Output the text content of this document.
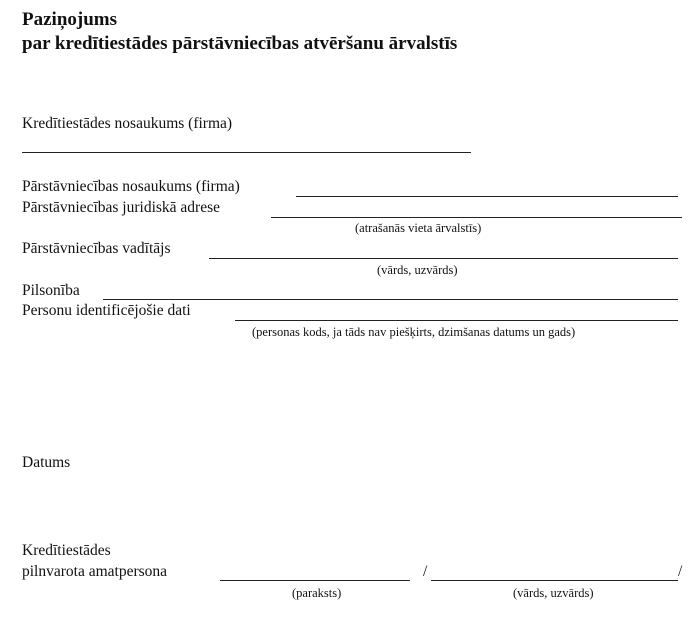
Paziņojums
par kredītiestādes pārstāvniecības atvēršanu ārvalstīs
Kredītiestādes nosaukums (firma)
Pārstāvniecības nosaukums (firma)
Pārstāvniecības juridiskā adrese
(atrašanās vieta ārvalstīs)
Pārstāvniecības vadītājs
(vārds, uzvārds)
Pilsonība
Personu identificējošie dati
(personas kods, ja tāds nav piešķirts, dzimšanas datums un gads)
Datums
Kredītiestādes
pilnvarota amatpersona	/	/
(paraksts)	(vārds, uzvārds)
